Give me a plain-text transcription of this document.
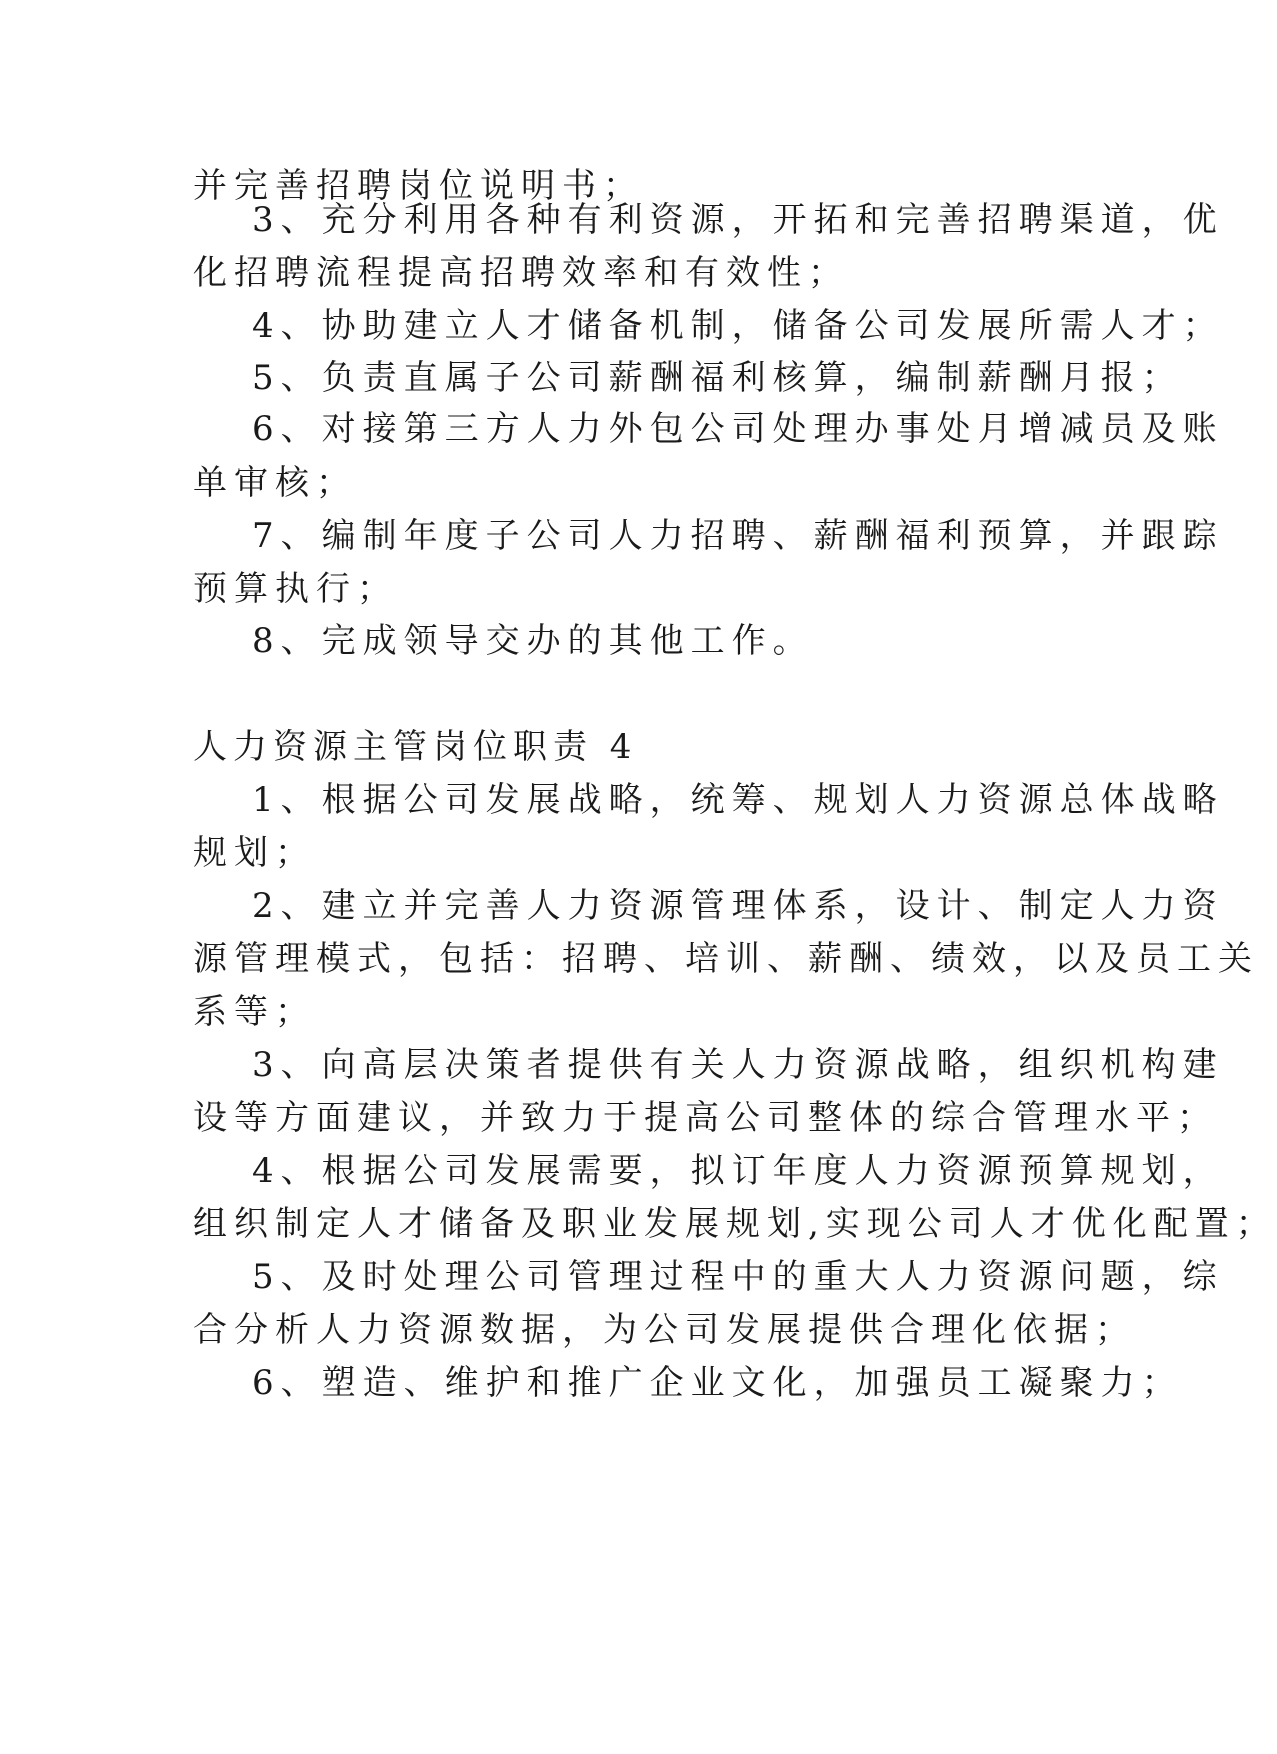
并完善招聘岗位说明书；
3、充分利用各种有利资源，开拓和完善招聘渠道，优
化招聘流程提高招聘效率和有效性；
4、协助建立人才储备机制，储备公司发展所需人才；
5、负责直属子公司薪酬福利核算，编制薪酬月报；
6、对接第三方人力外包公司处理办事处月增减员及账
单审核；
7、编制年度子公司人力招聘、薪酬福利预算，并跟踪
预算执行；
8、完成领导交办的其他工作。
人力资源主管岗位职责 4
1、根据公司发展战略，统筹、规划人力资源总体战略
规划；
2、建立并完善人力资源管理体系，设计、制定人力资
源管理模式，包括：招聘、培训、薪酬、绩效，以及员工关
系等；
3、向高层决策者提供有关人力资源战略，组织机构建
设等方面建议，并致力于提高公司整体的综合管理水平；
4、根据公司发展需要，拟订年度人力资源预算规划，
组织制定人才储备及职业发展规划,实现公司人才优化配置；
5、及时处理公司管理过程中的重大人力资源问题，综
合分析人力资源数据，为公司发展提供合理化依据；
6、塑造、维护和推广企业文化，加强员工凝聚力；
